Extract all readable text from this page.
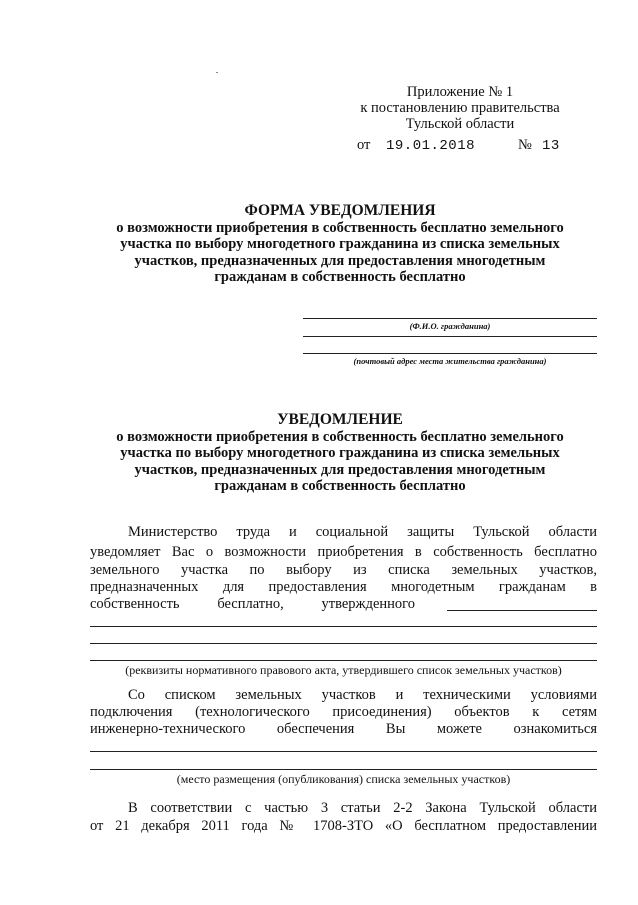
Приложение № 1
к постановлению правительства
Тульской области
от 19.01.2018	№ 13
ФОРМА УВЕДОМЛЕНИЯ
о возможности приобретения в собственность бесплатно земельного
участка по выбору многодетного гражданина из списка земельных
участков, предназначенных для предоставления многодетным
гражданам в собственность бесплатно
(Ф.И.О. гражданина)
(почтовый адрес места жительства гражданина)
УВЕДОМЛЕНИЕ
о возможности приобретения в собственность бесплатно земельного
участка по выбору многодетного гражданина из списка земельных
участков, предназначенных для предоставления многодетным
гражданам в собственность бесплатно
Министерство труда и социальной защиты Тульской области
уведомляет Вас о возможности приобретения в собственность бесплатно
земельного участка по выбору из списка земельных участков,
предназначенных для предоставления многодетным гражданам в
собственность бесплатно, утвержденного
(реквизиты нормативного правового акта, утвердившего список земельных участков)
Со списком земельных участков и техническими условиями
подключения (технологического присоединения) объектов к сетям
инженерно-технического обеспечения Вы можете ознакомиться
(место размещения (опубликования) списка земельных участков)
В соответствии с частью 3 статьи 2-2 Закона Тульской области
от 21 декабря 2011 года № 1708-ЗТО «О бесплатном предоставлении
